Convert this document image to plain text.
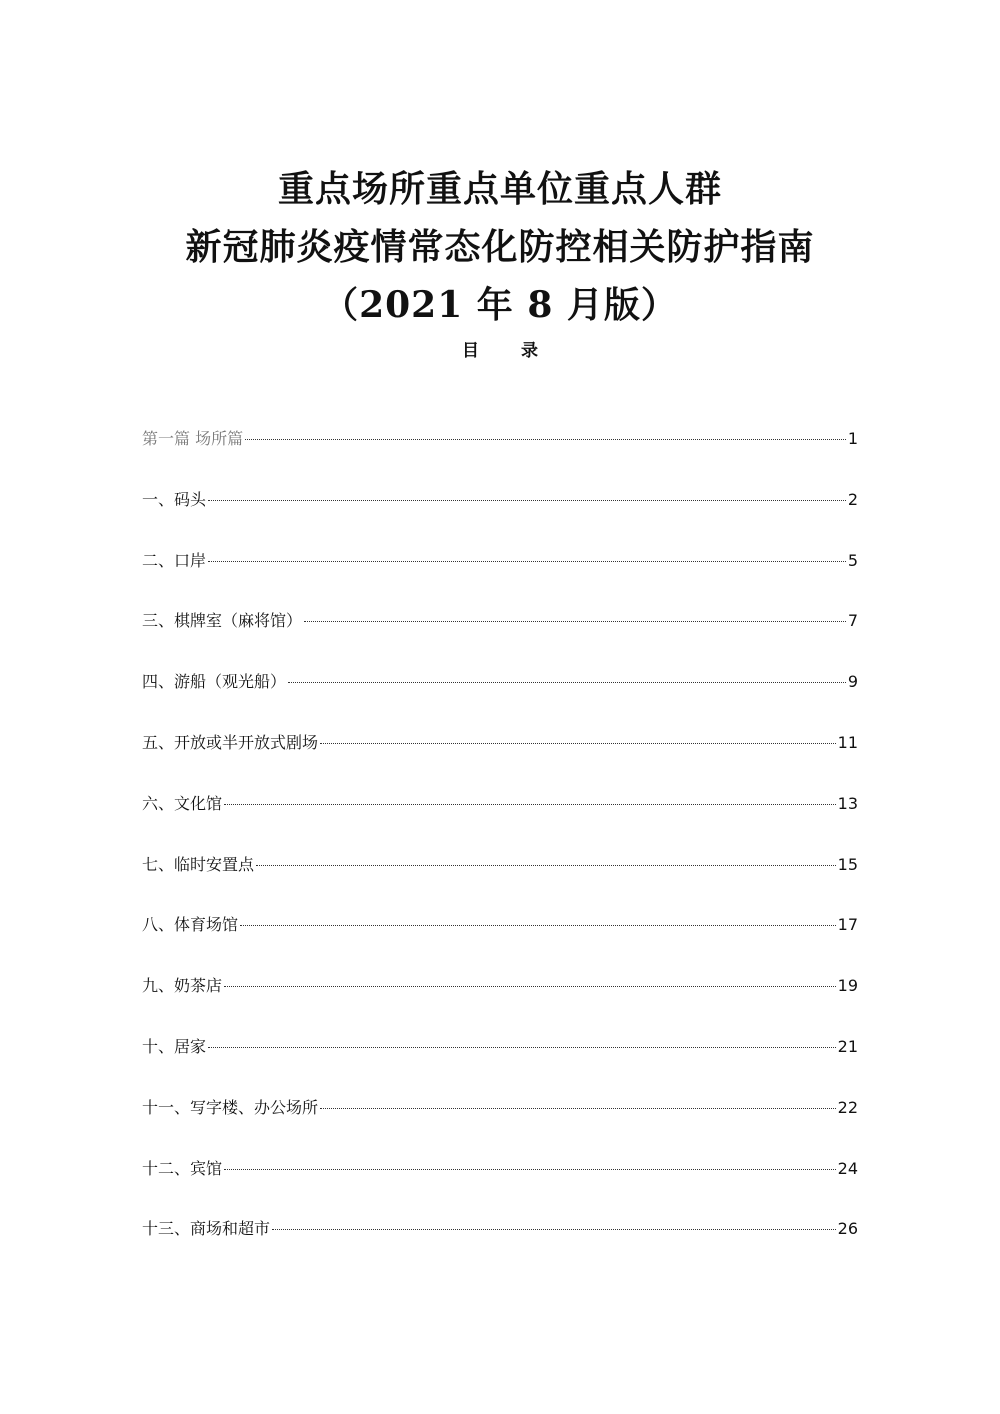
重点场所重点单位重点人群
新冠肺炎疫情常态化防控相关防护指南
（2021 年 8 月版）
目 录
第一篇 场所篇	1
一、码头	2
二、口岸	5
三、棋牌室（麻将馆）	7
四、游船（观光船）	9
五、开放或半开放式剧场	11
六、文化馆	13
七、临时安置点	15
八、体育场馆	17
九、奶茶店	19
十、居家	21
十一、写字楼、办公场所	22
十二、宾馆	24
十三、商场和超市	26
